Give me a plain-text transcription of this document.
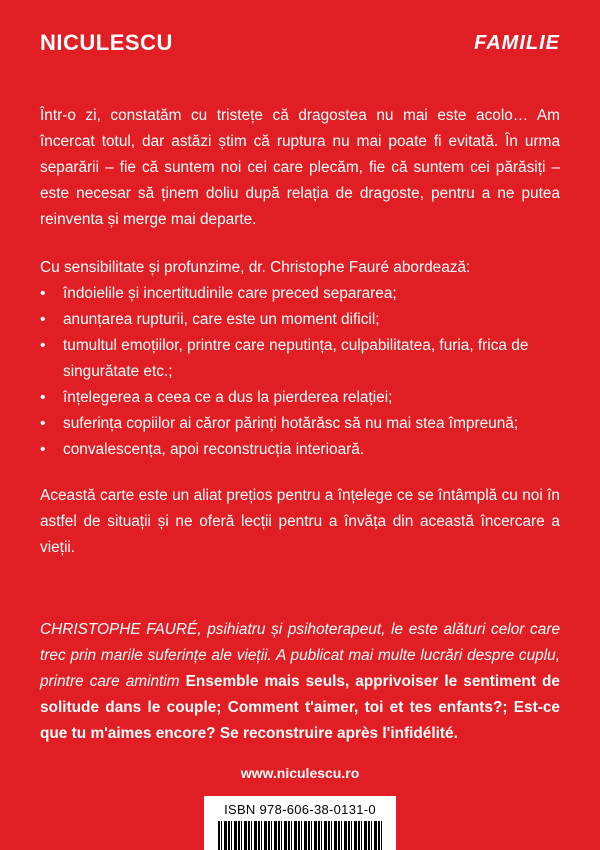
NICULESCU	FAMILIE

Într-o zi, constatăm cu tristețe că dragostea nu mai este acolo… Am încercat totul, dar astăzi știm că ruptura nu mai poate fi evitată. În urma separării – fie că suntem noi cei care plecăm, fie că suntem cei părăsiți – este necesar să ținem doliu după relația de dragoste, pentru a ne putea reinventa și merge mai departe.

Cu sensibilitate și profunzime, dr. Christophe Fauré abordează:

• îndoielile și incertitudinile care preced separarea;
• anunțarea rupturii, care este un moment dificil;
• tumultul emoțiilor, printre care neputința, culpabilitatea, furia, frica de singurătate etc.;
• înțelegerea a ceea ce a dus la pierderea relației;
• suferința copiilor ai căror părinți hotărăsc să nu mai stea împreună;
• convalescența, apoi reconstrucția interioară.

Această carte este un aliat prețios pentru a înțelege ce se întâmplă cu noi în astfel de situații și ne oferă lecții pentru a învăța din această încercare a vieții.

CHRISTOPHE FAURÉ, psihiatru și psihoterapeut, le este alături celor care trec prin marile suferințe ale vieții. A publicat mai multe lucrări despre cuplu, printre care amintim Ensemble mais seuls, apprivoiser le sentiment de solitude dans le couple; Comment t'aimer, toi et tes enfants?; Est-ce que tu m'aimes encore? Se reconstruire après l'infidélité.

www.niculescu.ro
ISBN 978-606-38-0131-0
